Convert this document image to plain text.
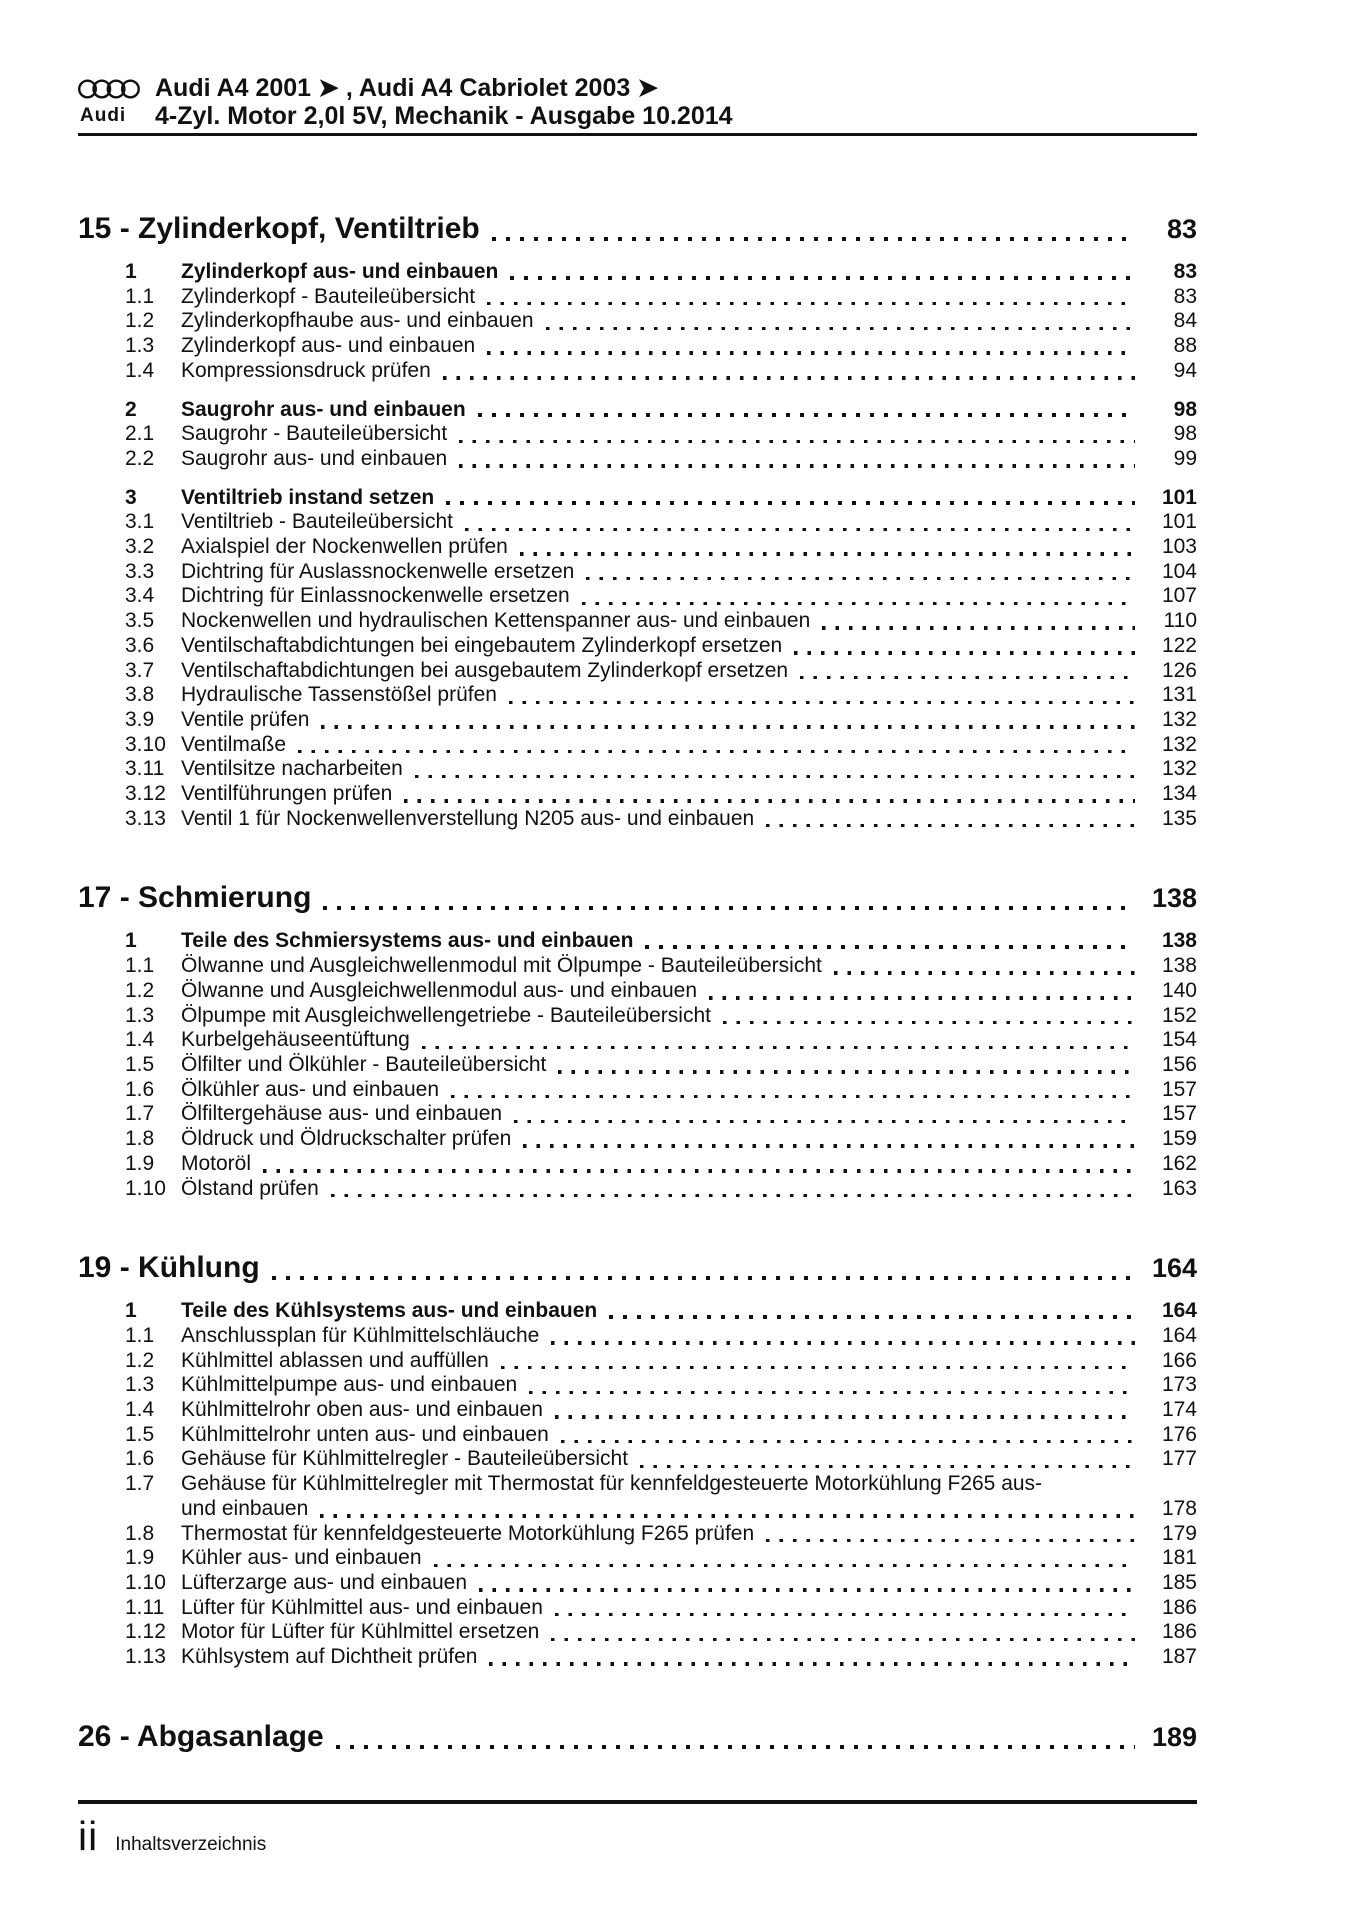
Audi
Audi A4 2001 ➤ , Audi A4 Cabriolet 2003 ➤
4-Zyl. Motor 2,0l 5V, Mechanik - Ausgabe 10.2014
15 - Zylinderkopf, Ventiltrieb	83
1	Zylinderkopf aus- und einbauen	83
1.1	Zylinderkopf - Bauteileübersicht	83
1.2	Zylinderkopfhaube aus- und einbauen	84
1.3	Zylinderkopf aus- und einbauen	88
1.4	Kompressionsdruck prüfen	94
2	Saugrohr aus- und einbauen	98
2.1	Saugrohr - Bauteileübersicht	98
2.2	Saugrohr aus- und einbauen	99
3	Ventiltrieb instand setzen	101
3.1	Ventiltrieb - Bauteileübersicht	101
3.2	Axialspiel der Nockenwellen prüfen	103
3.3	Dichtring für Auslassnockenwelle ersetzen	104
3.4	Dichtring für Einlassnockenwelle ersetzen	107
3.5	Nockenwellen und hydraulischen Kettenspanner aus- und einbauen	110
3.6	Ventilschaftabdichtungen bei eingebautem Zylinderkopf ersetzen	122
3.7	Ventilschaftabdichtungen bei ausgebautem Zylinderkopf ersetzen	126
3.8	Hydraulische Tassenstößel prüfen	131
3.9	Ventile prüfen	132
3.10 Ventilmaße	132
3.11 Ventilsitze nacharbeiten	132
3.12 Ventilführungen prüfen	134
3.13 Ventil 1 für Nockenwellenverstellung N205 aus- und einbauen	135
17 - Schmierung	138
1	Teile des Schmiersystems aus- und einbauen	138
1.1	Ölwanne und Ausgleichwellenmodul mit Ölpumpe - Bauteileübersicht	138
1.2	Ölwanne und Ausgleichwellenmodul aus- und einbauen	140
1.3	Ölpumpe mit Ausgleichwellengetriebe - Bauteileübersicht	152
1.4	Kurbelgehäuseentüftung	154
1.5	Ölfilter und Ölkühler - Bauteileübersicht	156
1.6	Ölkühler aus- und einbauen	157
1.7	Ölfiltergehäuse aus- und einbauen	157
1.8	Öldruck und Öldruckschalter prüfen	159
1.9	Motoröl	162
1.10 Ölstand prüfen	163
19 - Kühlung	164
1	Teile des Kühlsystems aus- und einbauen	164
1.1	Anschlussplan für Kühlmittelschläuche	164
1.2	Kühlmittel ablassen und auffüllen	166
1.3	Kühlmittelpumpe aus- und einbauen	173
1.4	Kühlmittelrohr oben aus- und einbauen	174
1.5	Kühlmittelrohr unten aus- und einbauen	176
1.6	Gehäuse für Kühlmittelregler - Bauteileübersicht	177
1.7	Gehäuse für Kühlmittelregler mit Thermostat für kennfeldgesteuerte Motorkühlung F265 aus-
und einbauen	178
1.8	Thermostat für kennfeldgesteuerte Motorkühlung F265 prüfen	179
1.9	Kühler aus- und einbauen	181
1.10 Lüfterzarge aus- und einbauen	185
1.11 Lüfter für Kühlmittel aus- und einbauen	186
1.12 Motor für Lüfter für Kühlmittel ersetzen	186
1.13 Kühlsystem auf Dichtheit prüfen	187
26 - Abgasanlage	189
ii Inhaltsverzeichnis
